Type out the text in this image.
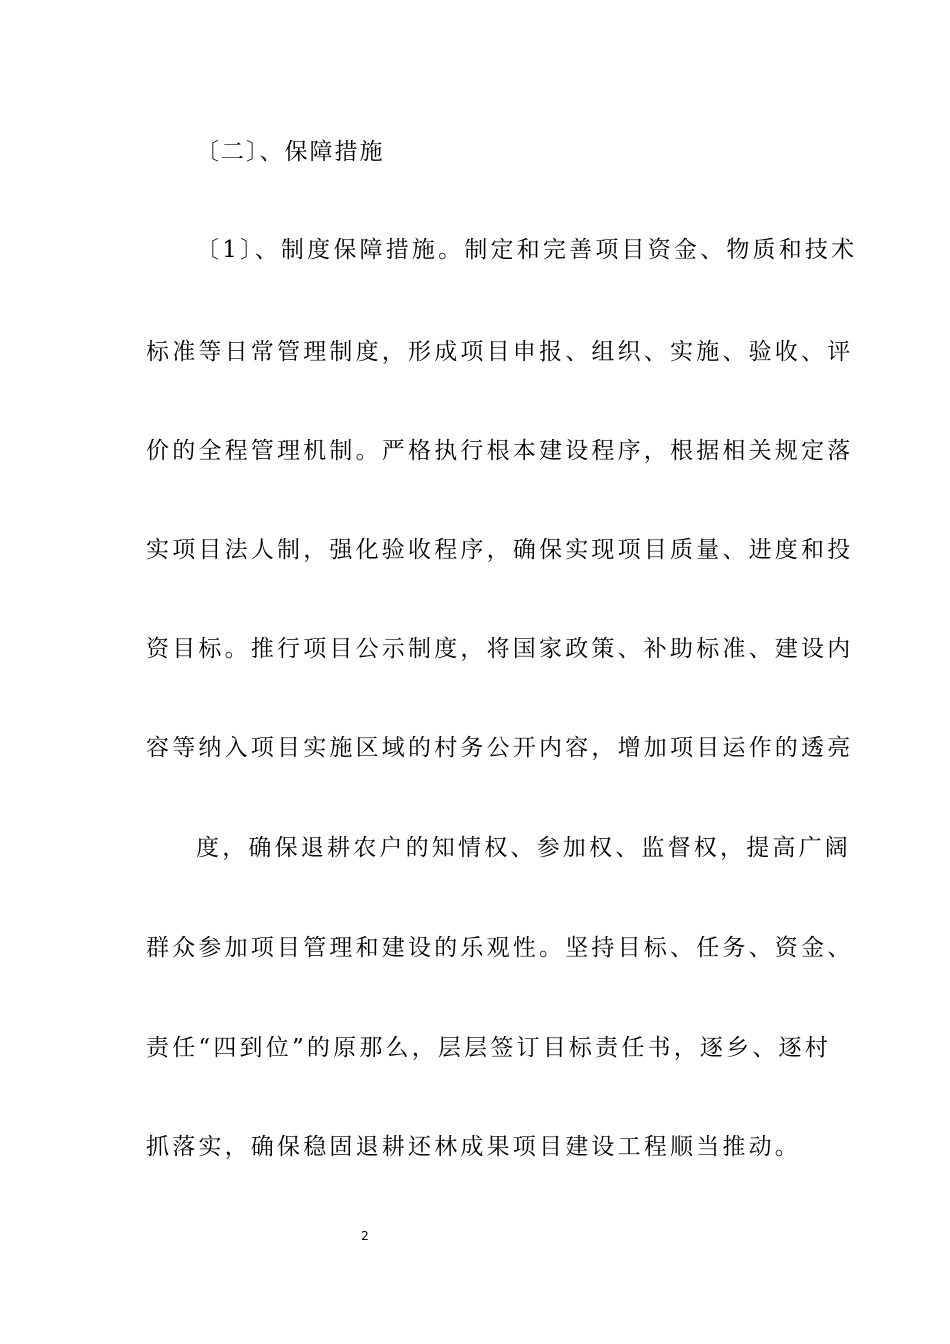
〔二〕、保障措施
〔1〕、制度保障措施。制定和完善项目资金、物质和技术
标准等日常管理制度，形成项目申报、组织、实施、验收、评
价的全程管理机制。严格执行根本建设程序，根据相关规定落
实项目法人制，强化验收程序，确保实现项目质量、进度和投
资目标。推行项目公示制度，将国家政策、补助标准、建设内
容等纳入项目实施区域的村务公开内容，增加项目运作的透亮
度，确保退耕农户的知情权、参加权、监督权，提高广阔
群众参加项目管理和建设的乐观性。坚持目标、任务、资金、
责任“四到位”的原那么，层层签订目标责任书，逐乡、逐村
抓落实，确保稳固退耕还林成果项目建设工程顺当推动。
2
